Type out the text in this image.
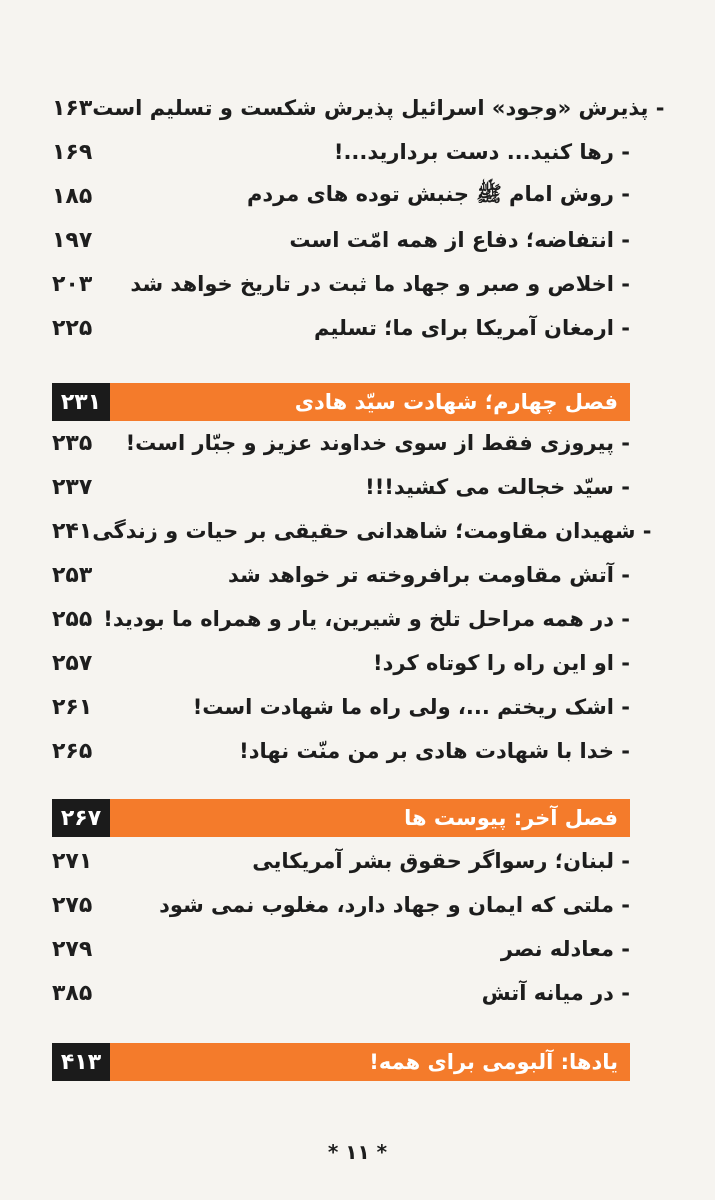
۱۶۳ - پذیرش «وجود» اسرائیل پذیرش شکست و تسلیم است
۱۶۹	- رها کنید... دست بردارید...!
۱۸۵	- روش امام ﷺ جنبش توده های مردم
۱۹۷	- انتفاضه؛ دفاع از همه امّت است
۲۰۳	- اخلاص و صبر و جهاد ما ثبت در تاریخ خواهد شد
۲۲۵	- ارمغان آمریکا برای ما؛ تسلیم
۲۳۱	فصل چهارم؛ شهادت سیّد هادی
۲۳۵	- پیروزی فقط از سوی خداوند عزیز و جبّار است!
۲۳۷	- سیّد خجالت می کشید!!!
۲۴۱ - شهیدان مقاومت؛ شاهدانی حقیقی بر حیات و زندگی
۲۵۳	- آتش مقاومت برافروخته تر خواهد شد
۲۵۵ - در همه مراحل تلخ و شیرین، یار و همراه ما بودید!
۲۵۷	- او این راه را کوتاه کرد!
۲۶۱	- اشک ریختم ...، ولی راه ما شهادت است!
۲۶۵	- خدا با شهادت هادی بر من منّت نهاد!
۲۶۷	فصل آخر: پیوست ها
۲۷۱	- لبنان؛ رسواگر حقوق بشر آمریکایی
۲۷۵	- ملتی که ایمان و جهاد دارد، مغلوب نمی شود
۲۷۹	- معادله نصر
۳۸۵	- در میانه آتش
۴۱۳	یادها: آلبومی برای همه!
* ۱۱ *
